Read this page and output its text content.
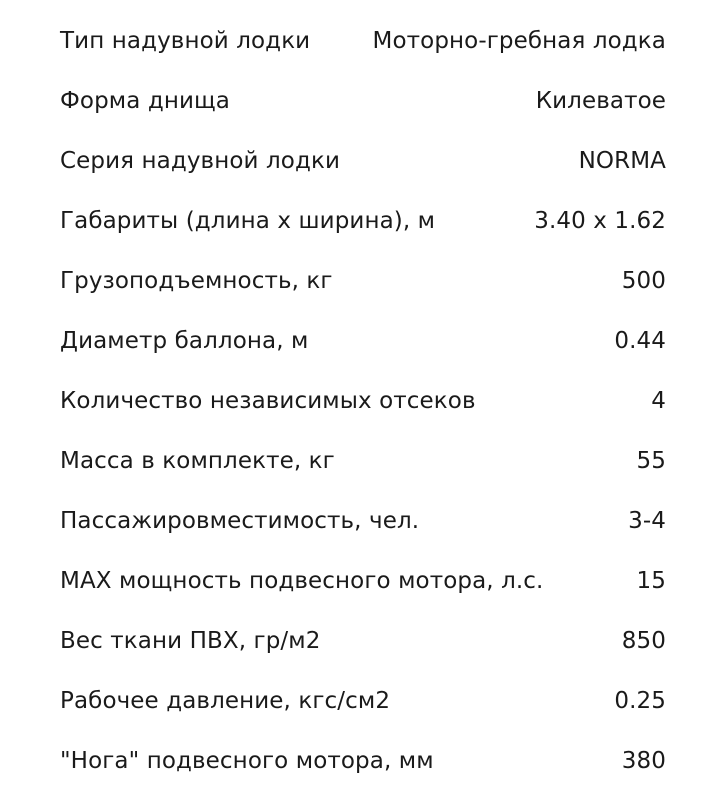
Тип надувной лодки	Моторно-гребная лодка
Форма днища	Килеватое
Серия надувной лодки	NORMA
Габариты (длина х ширина), м	3.40 х 1.62
Грузоподъемность, кг	500
Диаметр баллона, м	0.44
Количество независимых отсеков	4
Масса в комплекте, кг	55
Пассажировместимость, чел.	3-4
MAX мощность подвесного мотора, л.с.	15
Вес ткани ПВХ, гр/м2	850
Рабочее давление, кгс/см2	0.25
"Нога" подвесного мотора, мм	380
